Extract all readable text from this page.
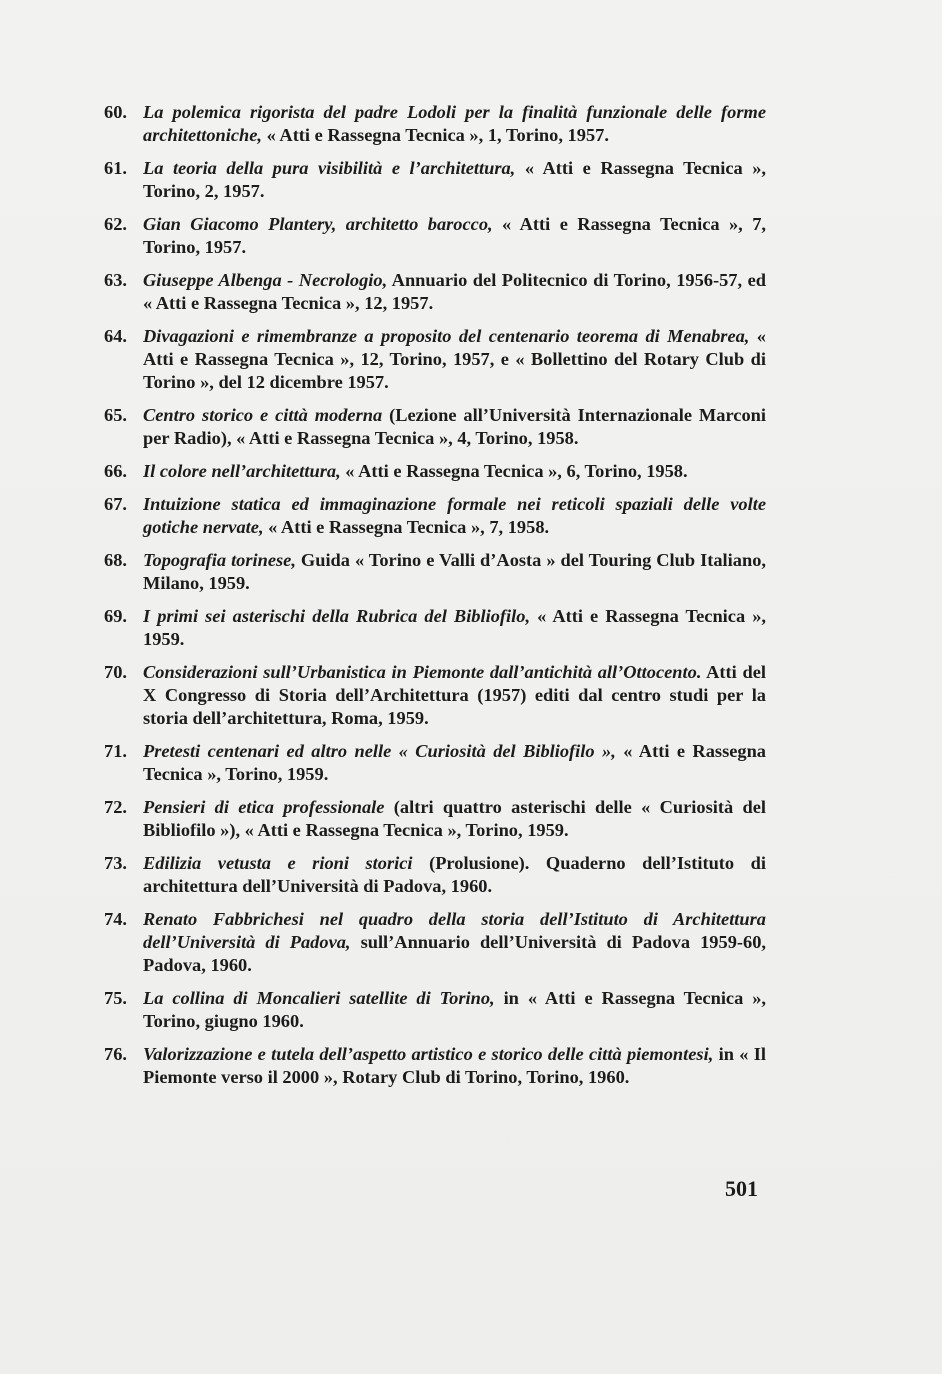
60. La polemica rigorista del padre Lodoli per la finalità funzionale delle forme architettoniche, « Atti e Rassegna Tecnica », 1, Torino, 1957.
61. La teoria della pura visibilità e l’architettura, « Atti e Rassegna Tecnica », Torino, 2, 1957.
62. Gian Giacomo Plantery, architetto barocco, « Atti e Rassegna Tecnica », 7, Torino, 1957.
63. Giuseppe Albenga - Necrologio, Annuario del Politecnico di Torino, 1956-57, ed « Atti e Rassegna Tecnica », 12, 1957.
64. Divagazioni e rimembranze a proposito del centenario teorema di Menabrea, « Atti e Rassegna Tecnica », 12, Torino, 1957, e « Bollettino del Rotary Club di Torino », del 12 dicembre 1957.
65. Centro storico e città moderna (Lezione all’Università Internazionale Marconi per Radio), « Atti e Rassegna Tecnica », 4, Torino, 1958.
66. Il colore nell’architettura, « Atti e Rassegna Tecnica », 6, Torino, 1958.
67. Intuizione statica ed immaginazione formale nei reticoli spaziali delle volte gotiche nervate, « Atti e Rassegna Tecnica », 7, 1958.
68. Topografia torinese, Guida « Torino e Valli d’Aosta » del Touring Club Italiano, Milano, 1959.
69. I primi sei asterischi della Rubrica del Bibliofilo, « Atti e Rassegna Tecnica », 1959.
70. Considerazioni sull’Urbanistica in Piemonte dall’antichità all’Ottocento. Atti del X Congresso di Storia dell’Architettura (1957) editi dal centro studi per la storia dell’architettura, Roma, 1959.
71. Pretesti centenari ed altro nelle « Curiosità del Bibliofilo », « Atti e Rassegna Tecnica », Torino, 1959.
72. Pensieri di etica professionale (altri quattro asterischi delle « Curiosità del Bibliofilo »), « Atti e Rassegna Tecnica », Torino, 1959.
73. Edilizia vetusta e rioni storici (Prolusione). Quaderno dell’Istituto di architettura dell’Università di Padova, 1960.
74. Renato Fabbrichesi nel quadro della storia dell’Istituto di Architettura dell’Università di Padova, sull’Annuario dell’Università di Padova 1959-60, Padova, 1960.
75. La collina di Moncalieri satellite di Torino, in « Atti e Rassegna Tecnica », Torino, giugno 1960.
76. Valorizzazione e tutela dell’aspetto artistico e storico delle città piemontesi, in « Il Piemonte verso il 2000 », Rotary Club di Torino, Torino, 1960.
501
